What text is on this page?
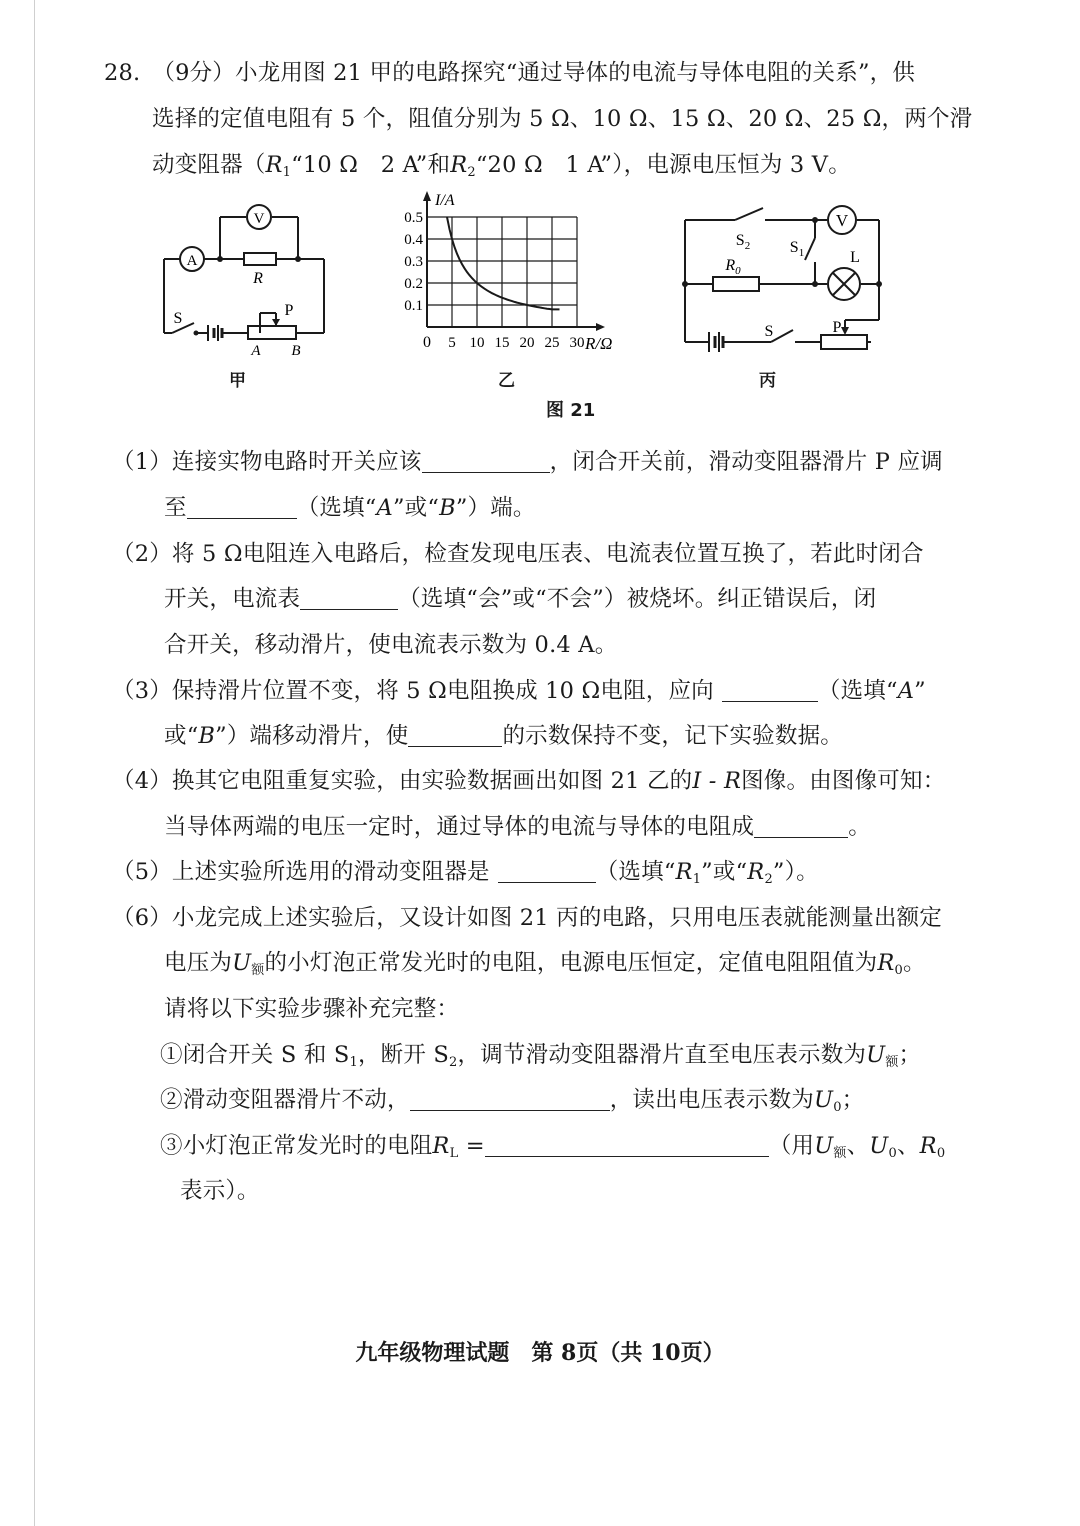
28. （9分）小龙用图 21 甲的电路探究“通过导体的电流与导体电阻的关系”，供
选择的定值电阻有 5 个，阻值分别为 5 Ω、10 Ω、15 Ω、20 Ω、25 Ω，两个滑
动变阻器（$R_1“10$ Ω　2 A”和$R_2“20$ Ω　1 A”），电源电压恒为 3 V。
V
A
R
S	P
A B
甲
5 10 15 20 25 30
0.1
0.2
0.3
0.4
0.5
I/A
R/Ω
0
乙
V
$S_2$ $S_1$
$R_0$
L
S	P
丙
图 21
（1）连接实物电路时开关应该	，闭合开关前，滑动变阻器滑片 P 应调
至	（选填“A”或“B”）端。
（2）将 5 Ω电阻连入电路后，检查发现电压表、电流表位置互换了，若此时闭合
开关，电流表	（选填“会”或“不会”）被烧坏。纠正错误后，闭
合开关，移动滑片，使电流表示数为 0.4 A。
（3）保持滑片位置不变，将 5 Ω电阻换成 10 Ω电阻，应向	（选填“A”
或“B”）端移动滑片，使	的示数保持不变，记下实验数据。
（4）换其它电阻重复实验，由实验数据画出如图 21 乙的I - R图像。由图像可知：
当导体两端的电压一定时，通过导体的电流与导体的电阻成	。
（5）上述实验所选用的滑动变阻器是	（选填“$R_1$”或“$R_2$”）。
（6）小龙完成上述实验后，又设计如图 21 丙的电路，只用电压表就能测量出额定
电压为$U_额$的小灯泡正常发光时的电阻，电源电压恒定，定值电阻阻值为$R_0$。
请将以下实验步骤补充完整：
①闭合开关 S 和 $S_1$，断开 $S_2$，调节滑动变阻器滑片直至电压表示数为$U_额$；
②滑动变阻器滑片不动，	，读出电压表示数为$U_0$；
③小灯泡正常发光时的电阻$R_L$ =	（用$U_额$、$U_0$、$R_0$
表示）。
九年级物理试题　第 8页（共 10页）
